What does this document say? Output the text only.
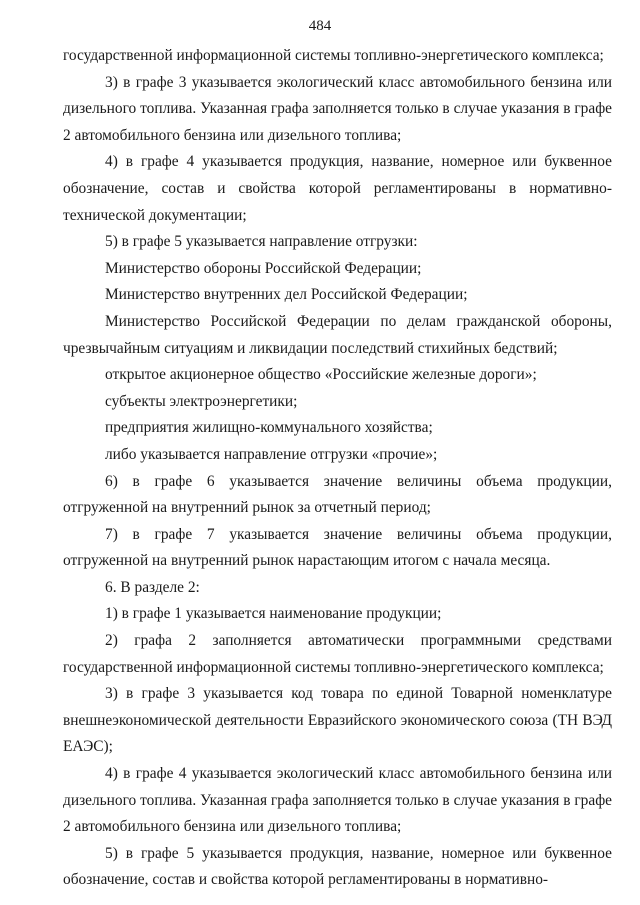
484

государственной информационной системы топливно-энергетического комплекса;

3) в графе 3 указывается экологический класс автомобильного бензина или дизельного топлива. Указанная графа заполняется только в случае указания в графе 2 автомобильного бензина или дизельного топлива;

4) в графе 4 указывается продукция, название, номерное или буквенное обозначение, состав и свойства которой регламентированы в нормативно-технической документации;

5) в графе 5 указывается направление отгрузки:

Министерство обороны Российской Федерации;

Министерство внутренних дел Российской Федерации;

Министерство Российской Федерации по делам гражданской обороны, чрезвычайным ситуациям и ликвидации последствий стихийных бедствий;

открытое акционерное общество «Российские железные дороги»;

субъекты электроэнергетики;

предприятия жилищно-коммунального хозяйства;

либо указывается направление отгрузки «прочие»;

6) в графе 6 указывается значение величины объема продукции, отгруженной на внутренний рынок за отчетный период;

7) в графе 7 указывается значение величины объема продукции, отгруженной на внутренний рынок нарастающим итогом с начала месяца.

6. В разделе 2:

1) в графе 1 указывается наименование продукции;

2) графа 2 заполняется автоматически программными средствами государственной информационной системы топливно-энергетического комплекса;

3) в графе 3 указывается код товара по единой Товарной номенклатуре внешнеэкономической деятельности Евразийского экономического союза (ТН ВЭД ЕАЭС);

4) в графе 4 указывается экологический класс автомобильного бензина или дизельного топлива. Указанная графа заполняется только в случае указания в графе 2 автомобильного бензина или дизельного топлива;

5) в графе 5 указывается продукция, название, номерное или буквенное обозначение, состав и свойства которой регламентированы в нормативно-
